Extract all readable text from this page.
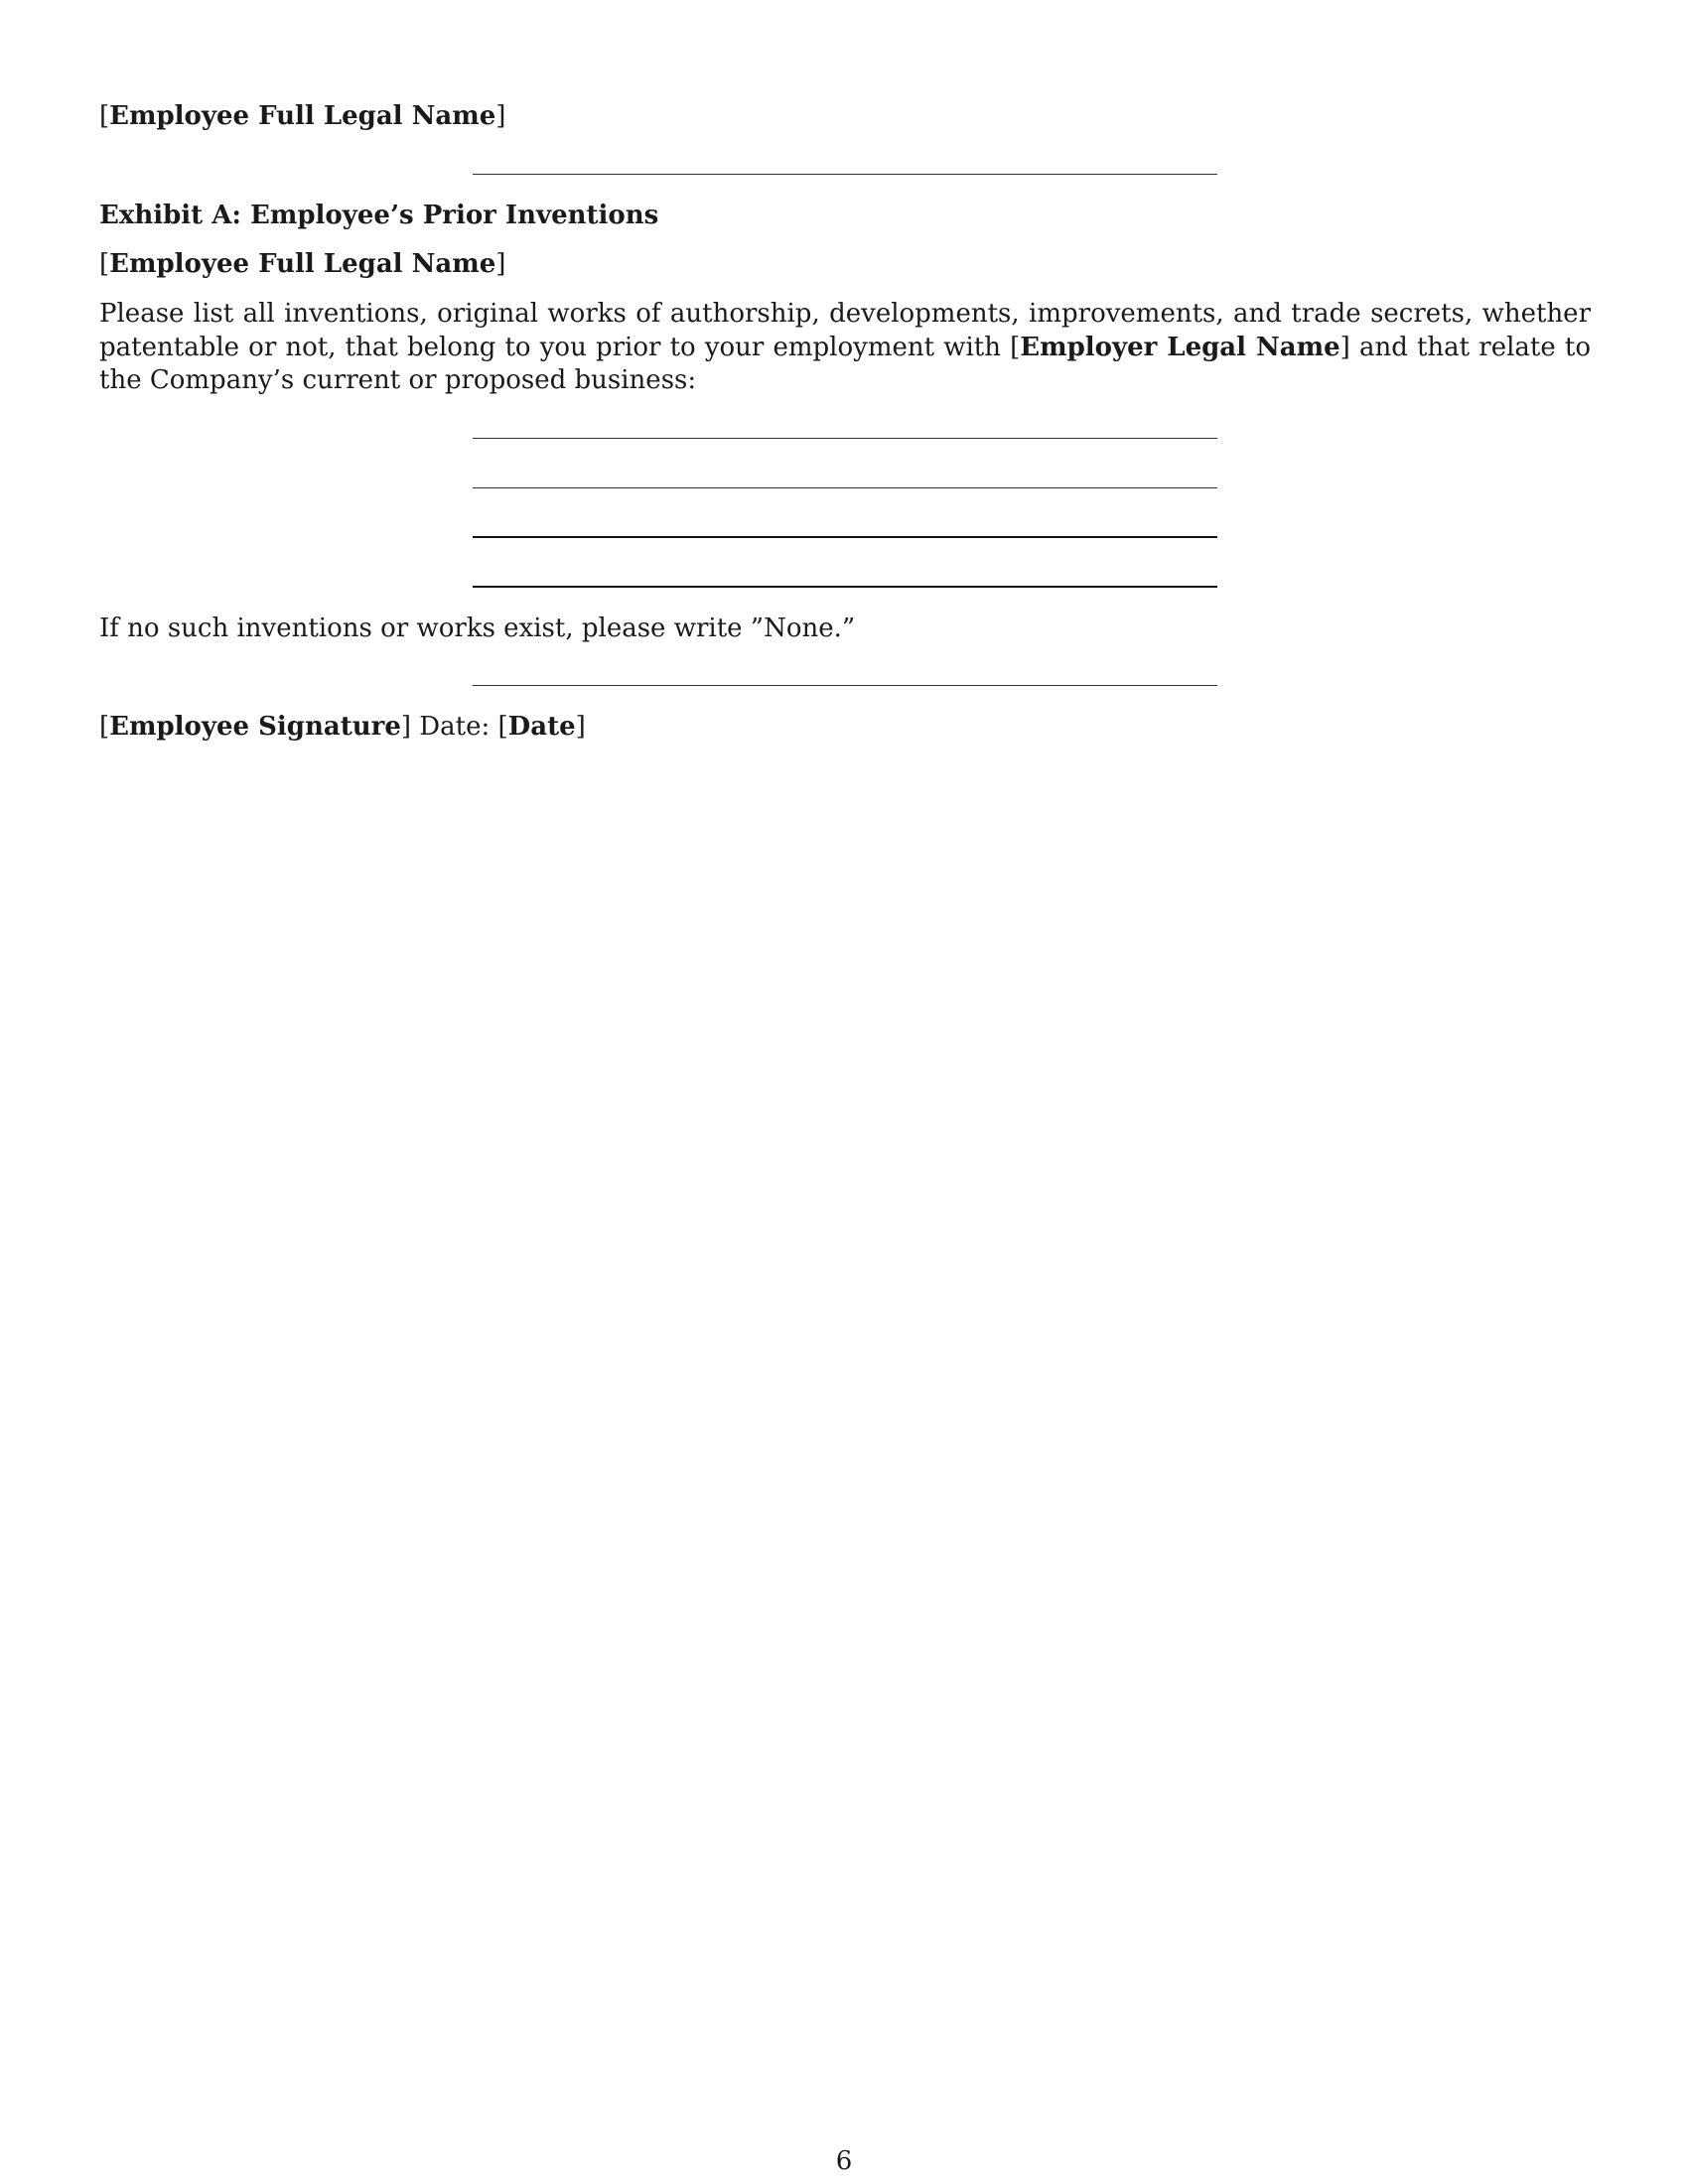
[Employee Full Legal Name]
Exhibit A: Employee’s Prior Inventions
[Employee Full Legal Name]
Please list all inventions, original works of authorship, developments, improvements, and trade secrets, whether patentable or not, that belong to you prior to your employment with [Employer Legal Name] and that relate to the Company’s current or proposed business:
If no such inventions or works exist, please write ”None.”
[Employee Signature] Date: [Date]
6
